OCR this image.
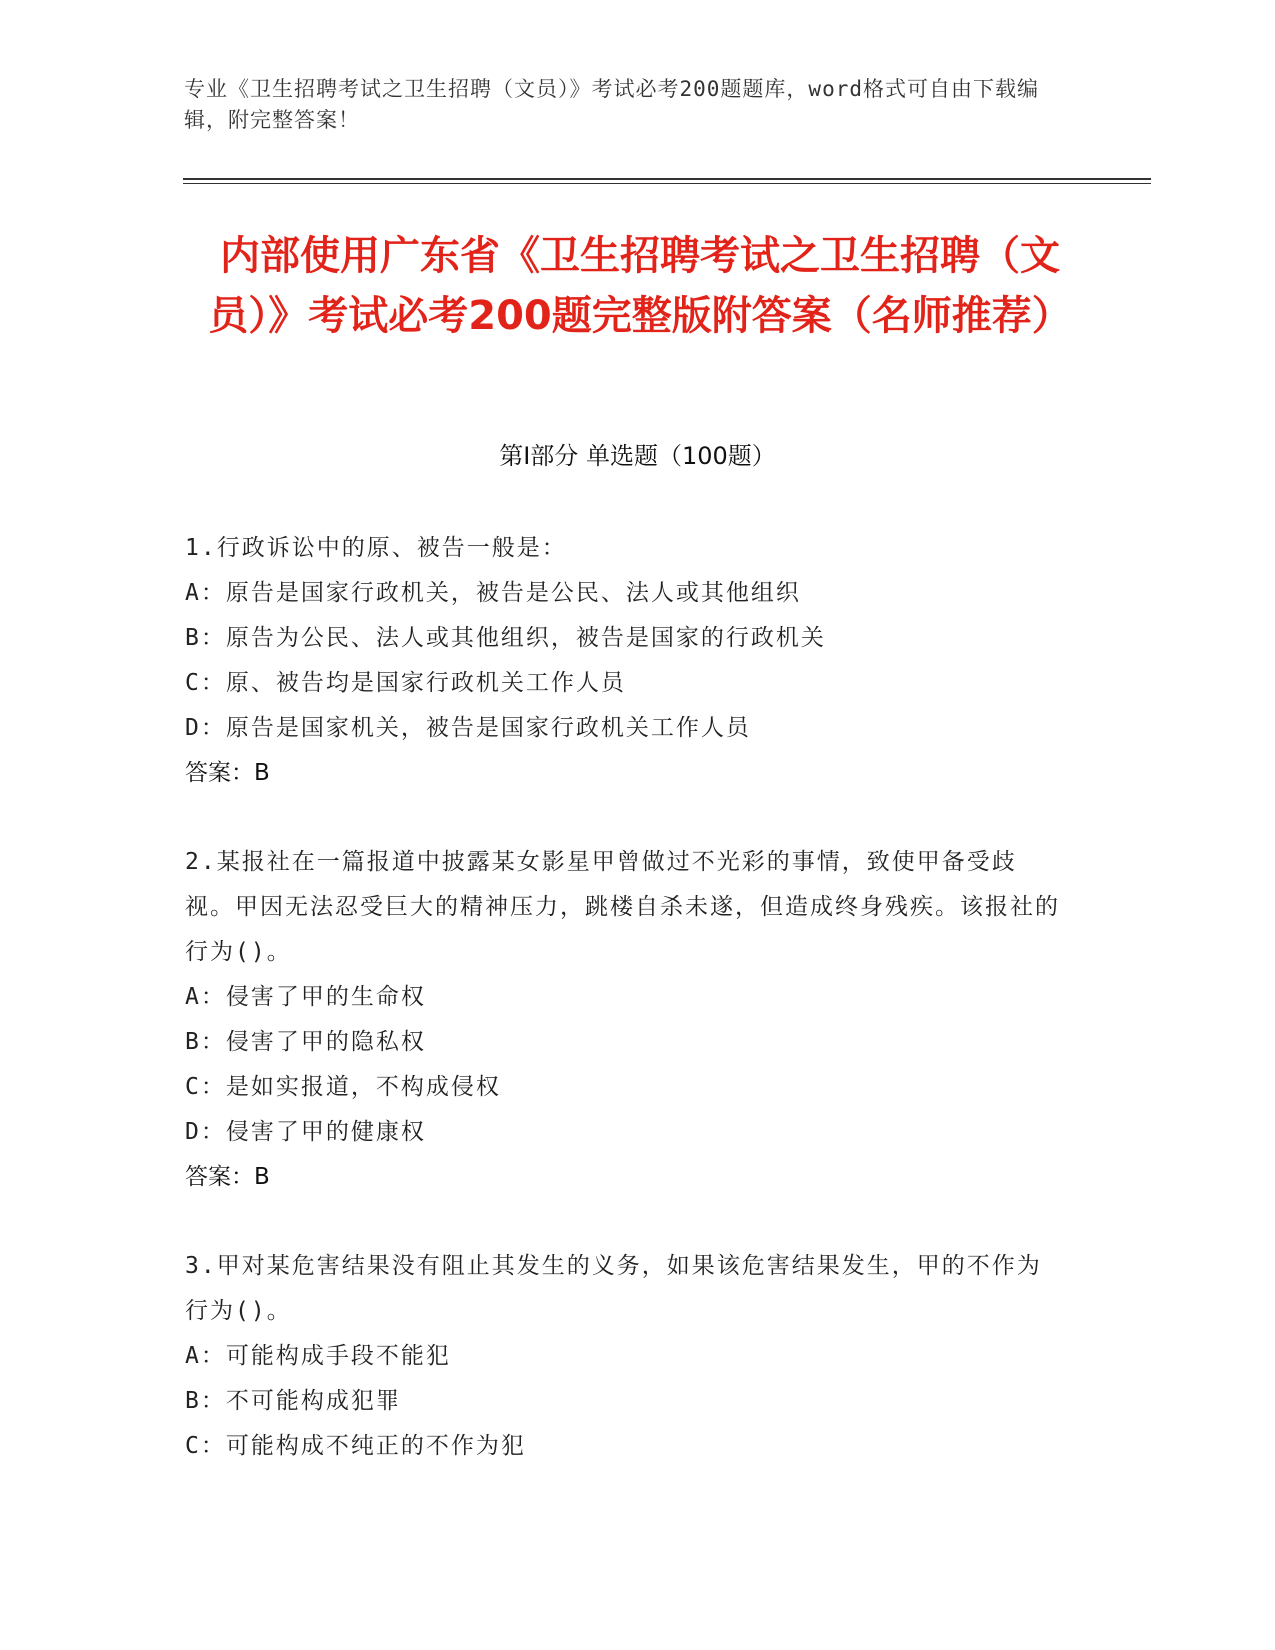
专业《卫生招聘考试之卫生招聘（文员）》考试必考200题题库，word格式可自由下载编辑，附完整答案！
内部使用广东省《卫生招聘考试之卫生招聘（文员）》考试必考200题完整版附答案（名师推荐）
第I部分 单选题（100题）
1.行政诉讼中的原、被告一般是：
A：原告是国家行政机关，被告是公民、法人或其他组织
B：原告为公民、法人或其他组织，被告是国家的行政机关
C：原、被告均是国家行政机关工作人员
D：原告是国家机关，被告是国家行政机关工作人员
答案：B
2.某报社在一篇报道中披露某女影星甲曾做过不光彩的事情，致使甲备受歧视。甲因无法忍受巨大的精神压力，跳楼自杀未遂，但造成终身残疾。该报社的行为()。
A：侵害了甲的生命权
B：侵害了甲的隐私权
C：是如实报道，不构成侵权
D：侵害了甲的健康权
答案：B
3.甲对某危害结果没有阻止其发生的义务，如果该危害结果发生，甲的不作为行为()。
A：可能构成手段不能犯
B：不可能构成犯罪
C：可能构成不纯正的不作为犯
